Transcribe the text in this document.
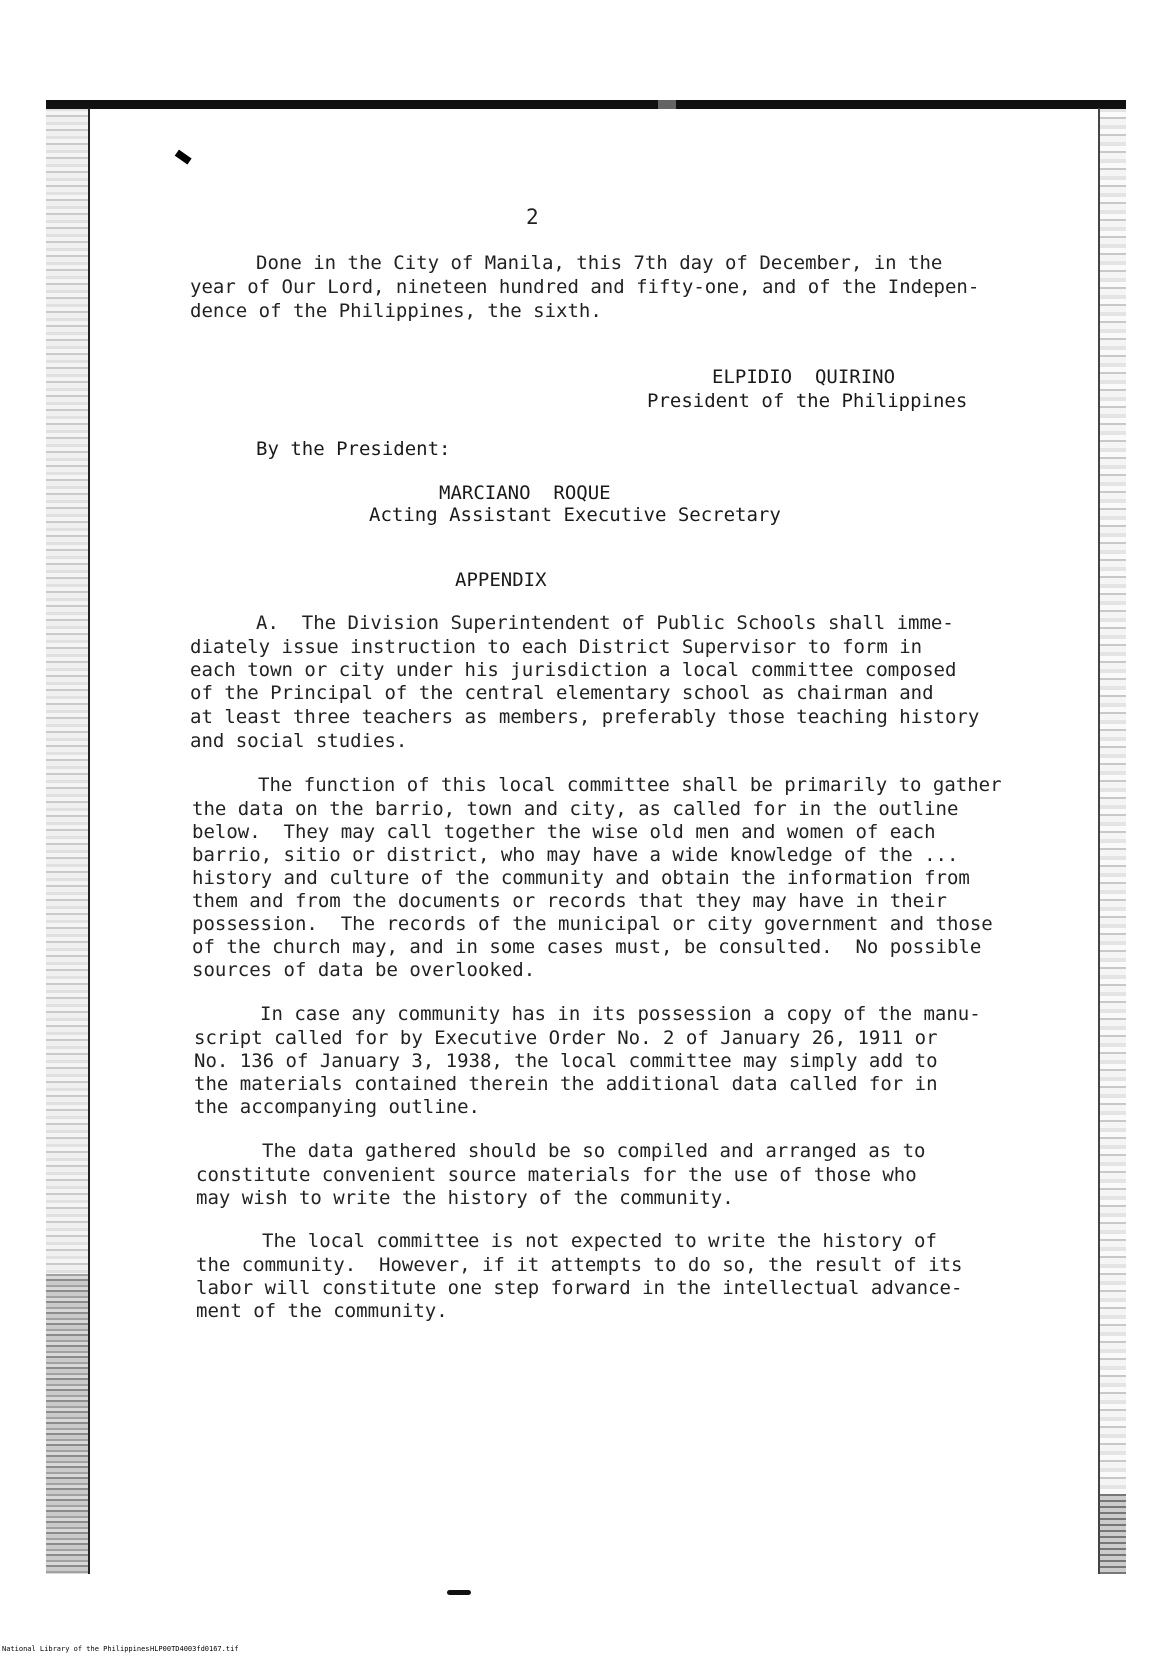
▬
2
Done in the City of Manila, this 7th day of December, in the
year of Our Lord, nineteen hundred and fifty-one, and of the Indepen-
dence of the Philippines, the sixth.
ELPIDIO  QUIRINO
President of the Philippines
By the President:
MARCIANO  ROQUE
Acting Assistant Executive Secretary
APPENDIX
A.  The Division Superintendent of Public Schools shall imme-
diately issue instruction to each District Supervisor to form in
each town or city under his jurisdiction a local committee composed
of the Principal of the central elementary school as chairman and
at least three teachers as members, preferably those teaching history
and social studies.
The function of this local committee shall be primarily to gather
the data on the barrio, town and city, as called for in the outline
below.  They may call together the wise old men and women of each
barrio, sitio or district, who may have a wide knowledge of the ...
history and culture of the community and obtain the information from
them and from the documents or records that they may have in their
possession.  The records of the municipal or city government and those
of the church may, and in some cases must, be consulted.  No possible
sources of data be overlooked.
In case any community has in its possession a copy of the manu-
script called for by Executive Order No. 2 of January 26, 1911 or
No. 136 of January 3, 1938, the local committee may simply add to
the materials contained therein the additional data called for in
the accompanying outline.
The data gathered should be so compiled and arranged as to
constitute convenient source materials for the use of those who
may wish to write the history of the community.
The local committee is not expected to write the history of
the community.  However, if it attempts to do so, the result of its
labor will constitute one step forward in the intellectual advance-
ment of the community.
National Library of the Philippines HLP00TD4003fd0167.tif
